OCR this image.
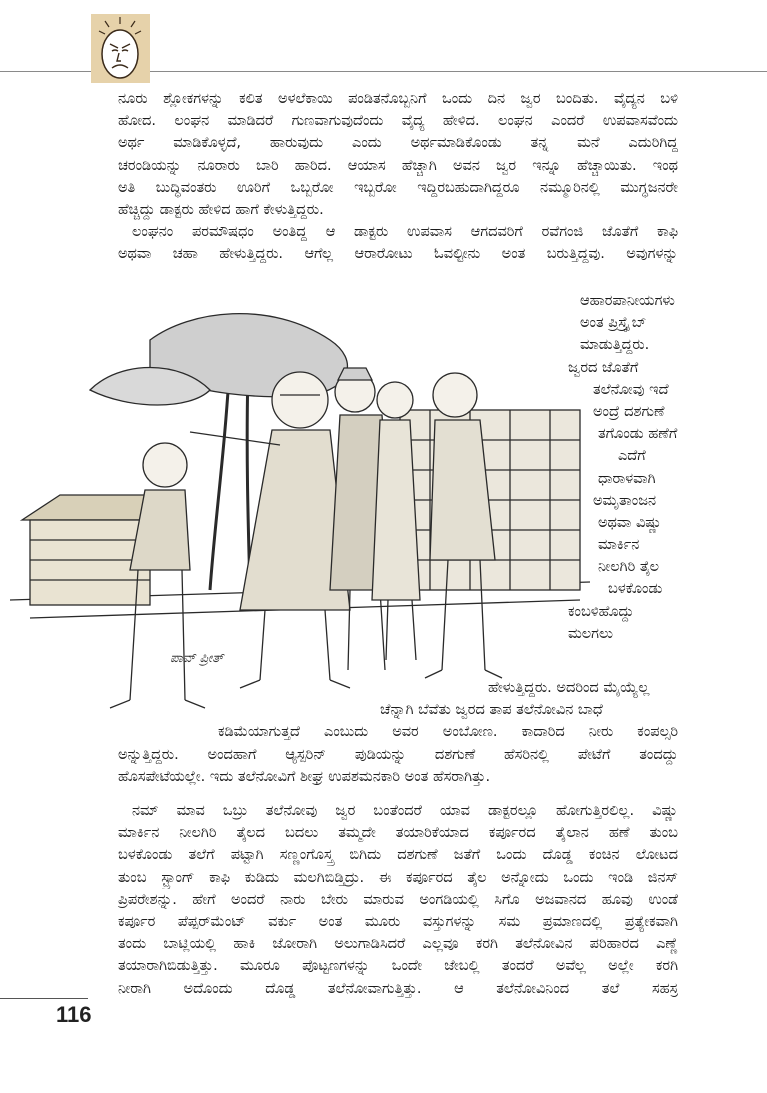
ನೂರು ಶ್ಲೋಕಗಳನ್ನು ಕಲಿತ ಅಳಲೆಕಾಯಿ ಪಂಡಿತನೊಬ್ಬನಿಗೆ ಒಂದು ದಿನ ಜ್ವರ ಬಂದಿತು. ವೈದ್ಯನ ಬಳಿ
ಹೋದ. ಲಂಘನ ಮಾಡಿದರೆ ಗುಣವಾಗುವುದೆಂದು ವೈದ್ಯ ಹೇಳಿದ. ಲಂಘನ ಎಂದರೆ ಉಪವಾಸವೆಂದು
ಅರ್ಥ ಮಾಡಿಕೊಳ್ಳದೆ, ಹಾರುವುದು ಎಂದು ಅರ್ಥಮಾಡಿಕೊಂಡು ತನ್ನ ಮನೆ ಎದುರಿಗಿದ್ದ
ಚರಂಡಿಯನ್ನು ನೂರಾರು ಬಾರಿ ಹಾರಿದ. ಆಯಾಸ ಹೆಚ್ಚಾಗಿ ಅವನ ಜ್ವರ ಇನ್ನೂ ಹೆಚ್ಚಾಯಿತು. ಇಂಥ
ಅತಿ ಬುದ್ಧಿವಂತರು ಊರಿಗೆ ಒಬ್ಬರೋ ಇಬ್ಬರೋ ಇದ್ದಿರಬಹುದಾಗಿದ್ದರೂ ನಮ್ಮೂರಿನಲ್ಲಿ ಮುಗ್ಧಜನರೇ
ಹೆಚ್ಚಿದ್ದು ಡಾಕ್ಟರು ಹೇಳಿದ ಹಾಗೆ ಕೇಳುತ್ತಿದ್ದರು.
ಲಂಘನಂ ಪರಮೌಷಧಂ ಅಂತಿದ್ದ ಆ ಡಾಕ್ಟರು ಉಪವಾಸ ಆಗದವರಿಗೆ ರವೆಗಂಜಿ ಜೊತೆಗೆ ಕಾಫಿ
ಅಥವಾ ಚಹಾ ಹೇಳುತ್ತಿದ್ದರು. ಆಗೆಲ್ಲ ಆರಾರೋಟು ಓವಲ್ಟೀನು ಅಂತ ಬರುತ್ತಿದ್ದವು. ಅವುಗಳನ್ನು
ಆಹಾರಪಾನೀಯಗಳು
ಅಂತ ಪ್ರಿಸ್ಕ್ರೈಬ್
ಮಾಡುತ್ತಿದ್ದರು.
ಜ್ವರದ ಜೊತೆಗೆ
ತಲೆನೋವು ಇದೆ
ಅಂದ್ರೆ ದಶಗುಣೆ
ತಗೊಂಡು ಹಣೆಗೆ
ಎದೆಗೆ
ಧಾರಾಳವಾಗಿ
ಅಮೃತಾಂಜನ
ಅಥವಾ ವಿಷ್ಣು
ಮಾರ್ಕಿನ
ನೀಲಗಿರಿ ತೈಲ
ಬಳಕೊಂಡು
ಕಂಬಳಿಹೊದ್ದು
ಮಲಗಲು
ಪಾವ್ ಪ್ರೀತ್
ಹೇಳುತ್ತಿದ್ದರು. ಅದರಿಂದ ಮೈಯ್ಯೆಲ್ಲ
ಚೆನ್ನಾಗಿ ಬೆವೆತು ಜ್ವರದ ತಾಪ ತಲೆನೋವಿನ ಬಾಧೆ
ಕಡಿಮೆಯಾಗುತ್ತದೆ ಎಂಬುದು ಅವರ ಅಂಬೋಣ. ಕಾದಾರಿದ ನೀರು ಕಂಪಲ್ಸರಿ
ಅನ್ನುತ್ತಿದ್ದರು. ಅಂದಹಾಗೆ ಆ್ಯಸ್ಪರಿನ್ ಪುಡಿಯನ್ನು ದಶಗುಣೆ ಹೆಸರಿನಲ್ಲಿ ಪೇಟೆಗೆ ತಂದದ್ದು
ಹೊಸಪೇಟೆಯಲ್ಲೇ. ಇದು ತಲೆನೋವಿಗೆ ಶೀಘ್ರ ಉಪಶಮನಕಾರಿ ಅಂತ ಹೆಸರಾಗಿತ್ತು.
ನಮ್ ಮಾವ ಒಬ್ರು ತಲೆನೋವು ಜ್ವರ ಬಂತೆಂದರೆ ಯಾವ ಡಾಕ್ಟರಲ್ಲೂ ಹೋಗುತ್ತಿರಲಿಲ್ಲ. ವಿಷ್ಣು
ಮಾರ್ಕಿನ ನೀಲಗಿರಿ ತೈಲದ ಬದಲು ತಮ್ಮದೇ ತಯಾರಿಕೆಯಾದ ಕರ್ಪೂರದ ತೈಲಾನ ಹಣೆ ತುಂಬ
ಬಳಕೊಂಡು ತಲೆಗೆ ಪಟ್ಟಾಗಿ ಸಣ್ಣಂಗೊಸ್ತ್ರ ಬಿಗಿದು ದಶಗುಣೆ ಜತೆಗೆ ಒಂದು ದೊಡ್ಡ ಕಂಚಿನ ಲೋಟದ
ತುಂಬ ಸ್ಟ್ರಾಂಗ್ ಕಾಫಿ ಕುಡಿದು ಮಲಗಿಬಿಡ್ತಿದ್ರು. ಈ ಕರ್ಪೂರದ ತೈಲ ಅನ್ನೋದು ಒಂದು ಇಂಡಿ ಜಿನಸ್
ಪ್ರಿಪರೇಶನ್ನು. ಹೇಗೆ ಅಂದರೆ ನಾರು ಬೇರು ಮಾರುವ ಅಂಗಡಿಯಲ್ಲಿ ಸಿಗೊ ಅಜವಾನದ ಹೂವು ಉಂಡೆ
ಕರ್ಪೂರ ಪೆಪ್ಪರ್‌ಮೆಂಟ್ ವರ್ಕು ಅಂತ ಮೂರು ವಸ್ತುಗಳನ್ನು ಸಮ ಪ್ರಮಾಣದಲ್ಲಿ ಪ್ರತ್ಯೇಕವಾಗಿ
ತಂದು ಬಾಟ್ಲಿಯಲ್ಲಿ ಹಾಕಿ ಜೋರಾಗಿ ಅಲುಗಾಡಿಸಿದರೆ ಎಲ್ಲವೂ ಕರಗಿ ತಲೆನೋವಿನ ಪರಿಹಾರದ ಎಣ್ಣೆ
ತಯಾರಾಗಿಬಿಡುತ್ತಿತ್ತು. ಮೂರೂ ಪೊಟ್ಟಣಗಳನ್ನು ಒಂದೇ ಜೇಬಲ್ಲಿ ತಂದರೆ ಅವೆಲ್ಲ ಅಲ್ಲೇ ಕರಗಿ
ನೀರಾಗಿ ಅದೊಂದು ದೊಡ್ಡ ತಲೆನೋವಾಗುತ್ತಿತ್ತು. ಆ ತಲೆನೋವಿನಿಂದ ತಲೆ ಸಹಸ್ರ
116
